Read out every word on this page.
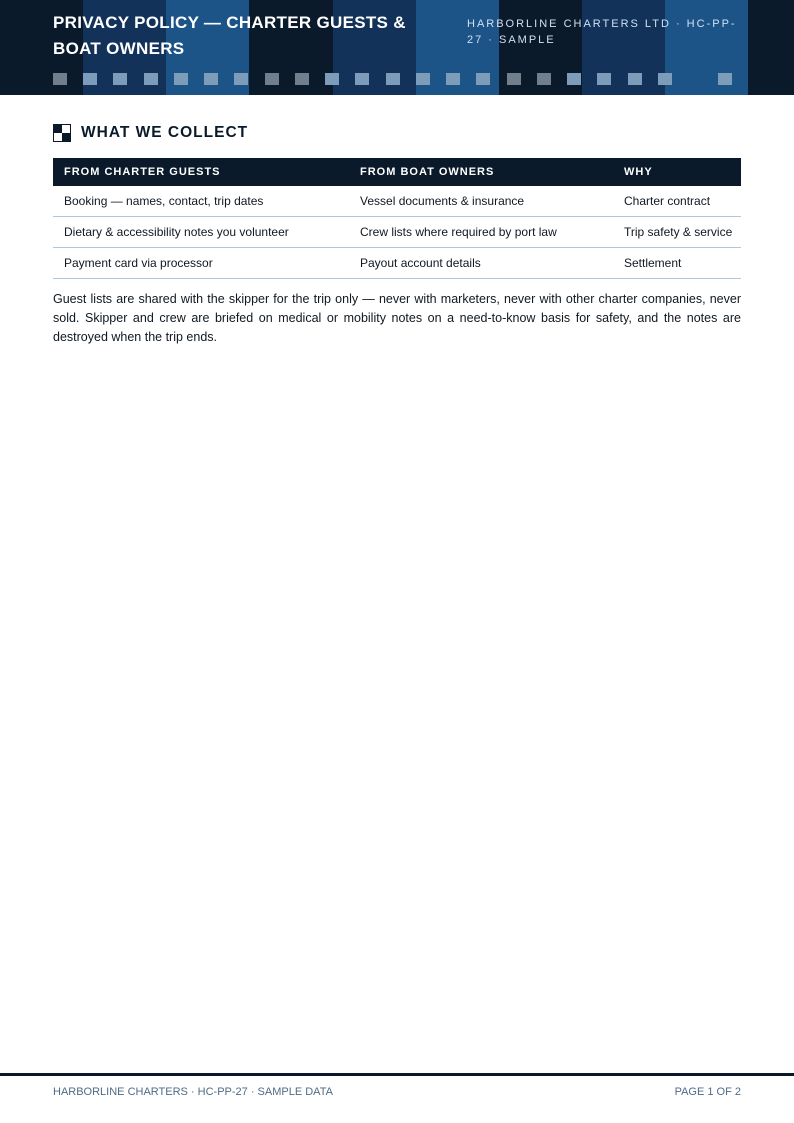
PRIVACY POLICY — CHARTER GUESTS & BOAT OWNERS
HARBORLINE CHARTERS LTD · HC-PP-27 · SAMPLE
WHAT WE COLLECT
FROM CHARTER GUESTS	FROM BOAT OWNERS	WHY
Booking — names, contact, trip dates	Vessel documents & insurance	Charter contract
Dietary & accessibility notes you volunteer	Crew lists where required by port law	Trip safety & service
Payment card via processor	Payout account details	Settlement

Guest lists are shared with the skipper for the trip only — never with marketers, never with other charter companies, never sold. Skipper and crew are briefed on medical or mobility notes on a need-to-know basis for safety, and the notes are destroyed when the trip ends.

HARBORLINE CHARTERS · HC-PP-27 · SAMPLE DATA	PAGE 1 OF 2
